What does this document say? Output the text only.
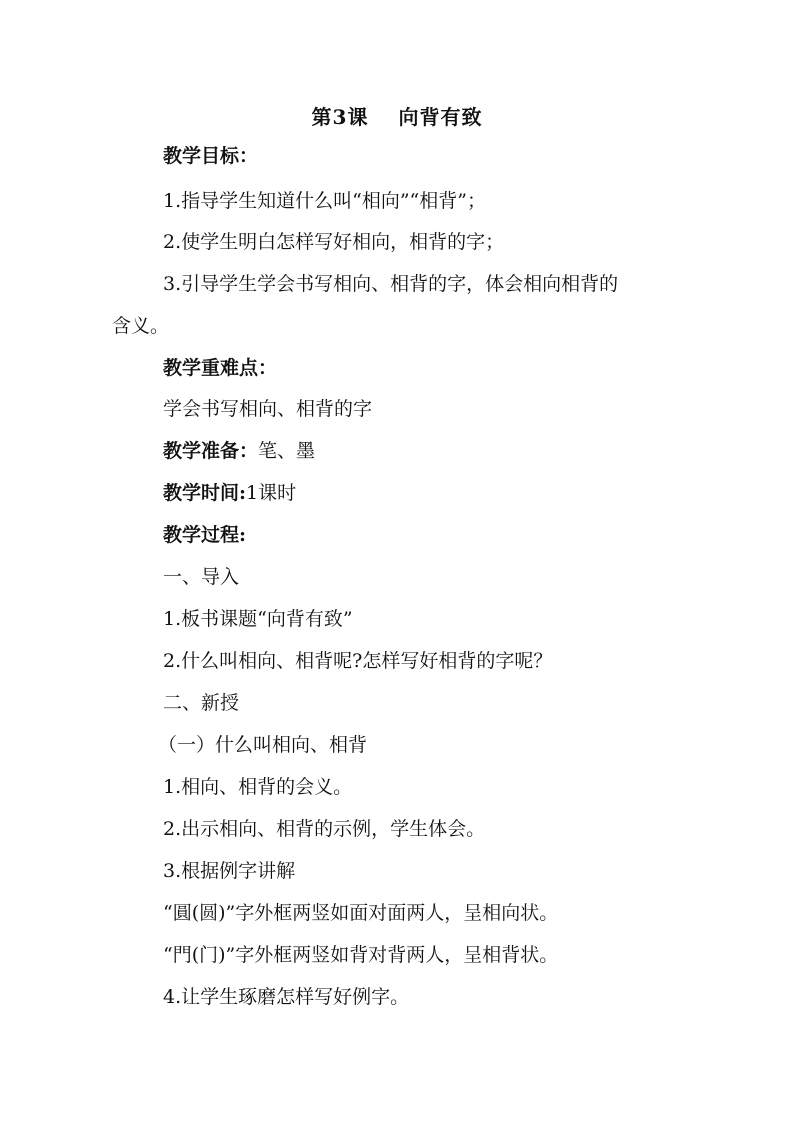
第3课 向背有致
教学目标：
1.指导学生知道什么叫“相向”“相背”；
2.使学生明白怎样写好相向，相背的字；
3.引导学生学会书写相向、相背的字，体会相向相背的
含义。
教学重难点：
学会书写相向、相背的字
教学准备：笔、墨
教学时间:1课时
教学过程:
一、导入
1.板书课题“向背有致”
2.什么叫相向、相背呢?怎样写好相背的字呢？
二、新授
（一）什么叫相向、相背
1.相向、相背的会义。
2.出示相向、相背的示例，学生体会。
3.根据例字讲解
“圓(圆)”字外框两竖如面对面两人，呈相向状。
“門(门)”字外框两竖如背对背两人，呈相背状。
4.让学生琢磨怎样写好例字。
